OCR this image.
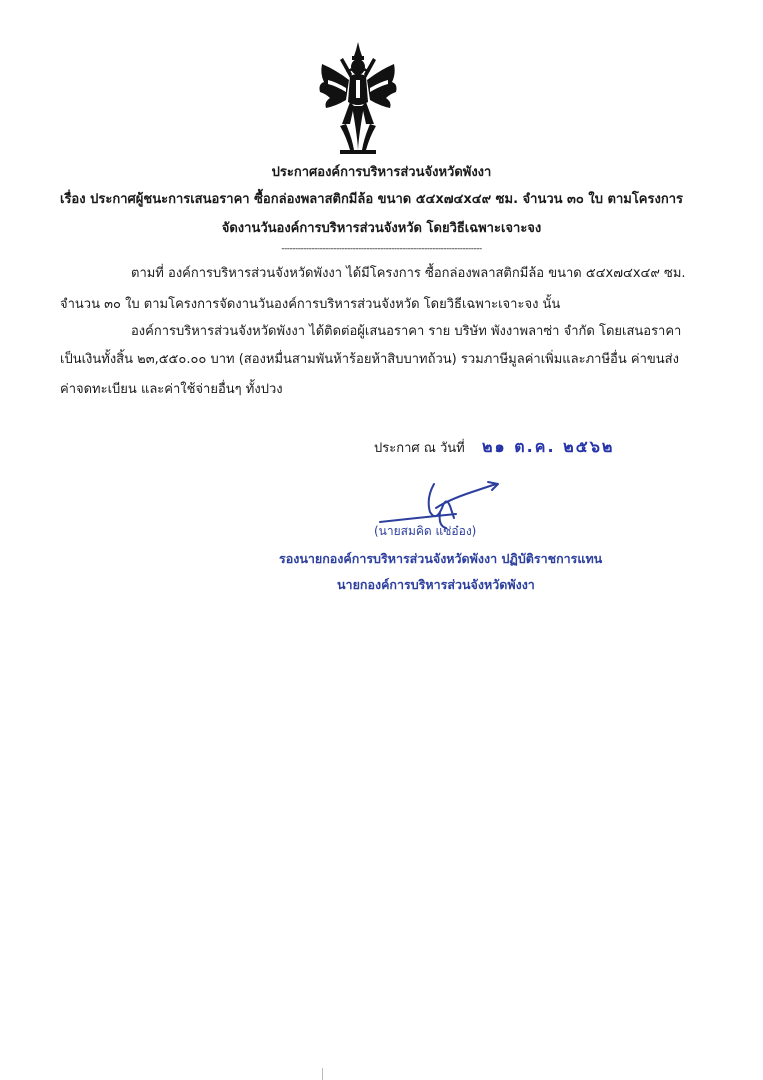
ประกาศองค์การบริหารส่วนจังหวัดพังงา
เรื่อง ประกาศผู้ชนะการเสนอราคา ซื้อกล่องพลาสติกมีล้อ ขนาด ๕๔x๗๔x๔๙ ซม. จำนวน ๓๐ ใบ ตามโครงการ
จัดงานวันองค์การบริหารส่วนจังหวัด โดยวิธีเฉพาะเจาะจง
-------------------------------------------------------------------------
ตามที่ องค์การบริหารส่วนจังหวัดพังงา ได้มีโครงการ ซื้อกล่องพลาสติกมีล้อ ขนาด ๕๔x๗๔x๔๙ ซม.
จำนวน ๓๐ ใบ ตามโครงการจัดงานวันองค์การบริหารส่วนจังหวัด โดยวิธีเฉพาะเจาะจง นั้น
องค์การบริหารส่วนจังหวัดพังงา ได้ติดต่อผู้เสนอราคา ราย บริษัท พังงาพลาซ่า จำกัด โดยเสนอราคา
เป็นเงินทั้งสิ้น ๒๓,๕๕๐.๐๐ บาท (สองหมื่นสามพันห้าร้อยห้าสิบบาทถ้วน) รวมภาษีมูลค่าเพิ่มและภาษีอื่น ค่าขนส่ง
ค่าจดทะเบียน และค่าใช้จ่ายอื่นๆ ทั้งปวง
ประกาศ ณ วันที่ ๒๑ ต.ค. ๒๕๖๒
(นายสมคิด แซ่อ๋อง)
รองนายกองค์การบริหารส่วนจังหวัดพังงา ปฏิบัติราชการแทน
นายกองค์การบริหารส่วนจังหวัดพังงา
